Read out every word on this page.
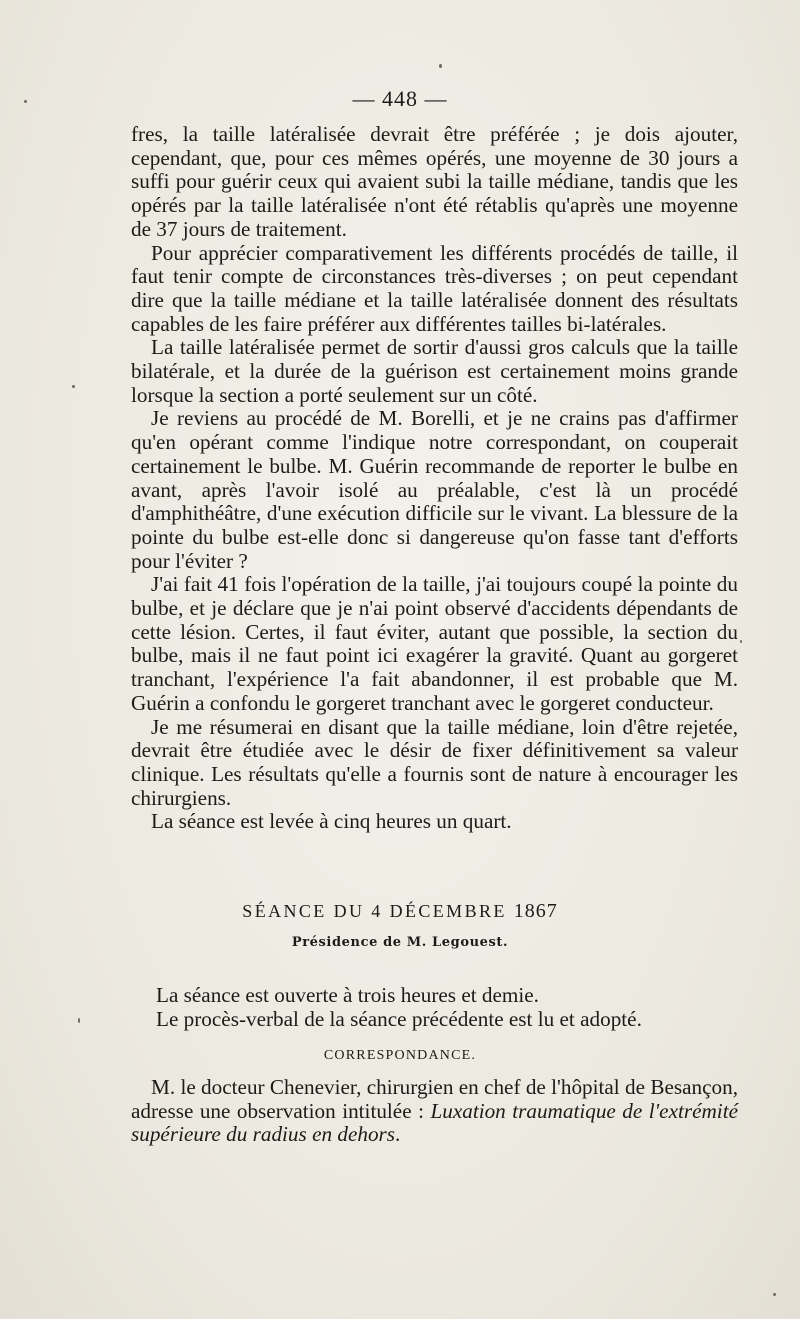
— 448 —

fres, la taille latéralisée devrait être préférée ; je dois ajouter, cependant, que, pour ces mêmes opérés, une moyenne de 30 jours a suffi pour guérir ceux qui avaient subi la taille médiane, tandis que les opérés par la taille latéralisée n'ont été rétablis qu'après une moyenne de 37 jours de traitement.

Pour apprécier comparativement les différents procédés de taille, il faut tenir compte de circonstances très-diverses ; on peut cependant dire que la taille médiane et la taille latéralisée donnent des résultats capables de les faire préférer aux différentes tailles bi-latérales.

La taille latéralisée permet de sortir d'aussi gros calculs que la taille bilatérale, et la durée de la guérison est certainement moins grande lorsque la section a porté seulement sur un côté.

Je reviens au procédé de M. Borelli, et je ne crains pas d'affirmer qu'en opérant comme l'indique notre correspondant, on couperait certainement le bulbe. M. Guérin recommande de reporter le bulbe en avant, après l'avoir isolé au préalable, c'est là un procédé d'amphithéâtre, d'une exécution difficile sur le vivant. La blessure de la pointe du bulbe est-elle donc si dangereuse qu'on fasse tant d'efforts pour l'éviter ?

J'ai fait 41 fois l'opération de la taille, j'ai toujours coupé la pointe du bulbe, et je déclare que je n'ai point observé d'accidents dépendants de cette lésion. Certes, il faut éviter, autant que possible, la section du bulbe, mais il ne faut point ici exagérer la gravité. Quant au gorgeret tranchant, l'expérience l'a fait abandonner, il est probable que M. Guérin a confondu le gorgeret tranchant avec le gorgeret conducteur.

Je me résumerai en disant que la taille médiane, loin d'être rejetée, devrait être étudiée avec le désir de fixer définitivement sa valeur clinique. Les résultats qu'elle a fournis sont de nature à encourager les chirurgiens.

La séance est levée à cinq heures un quart.

SÉANCE DU 4 DÉCEMBRE 1867
Présidence de M. Legouest.

La séance est ouverte à trois heures et demie.

Le procès-verbal de la séance précédente est lu et adopté.

CORRESPONDANCE.

M. le docteur Chenevier, chirurgien en chef de l'hôpital de Besançon, adresse une observation intitulée : Luxation traumatique de l'extrémité supérieure du radius en dehors.
